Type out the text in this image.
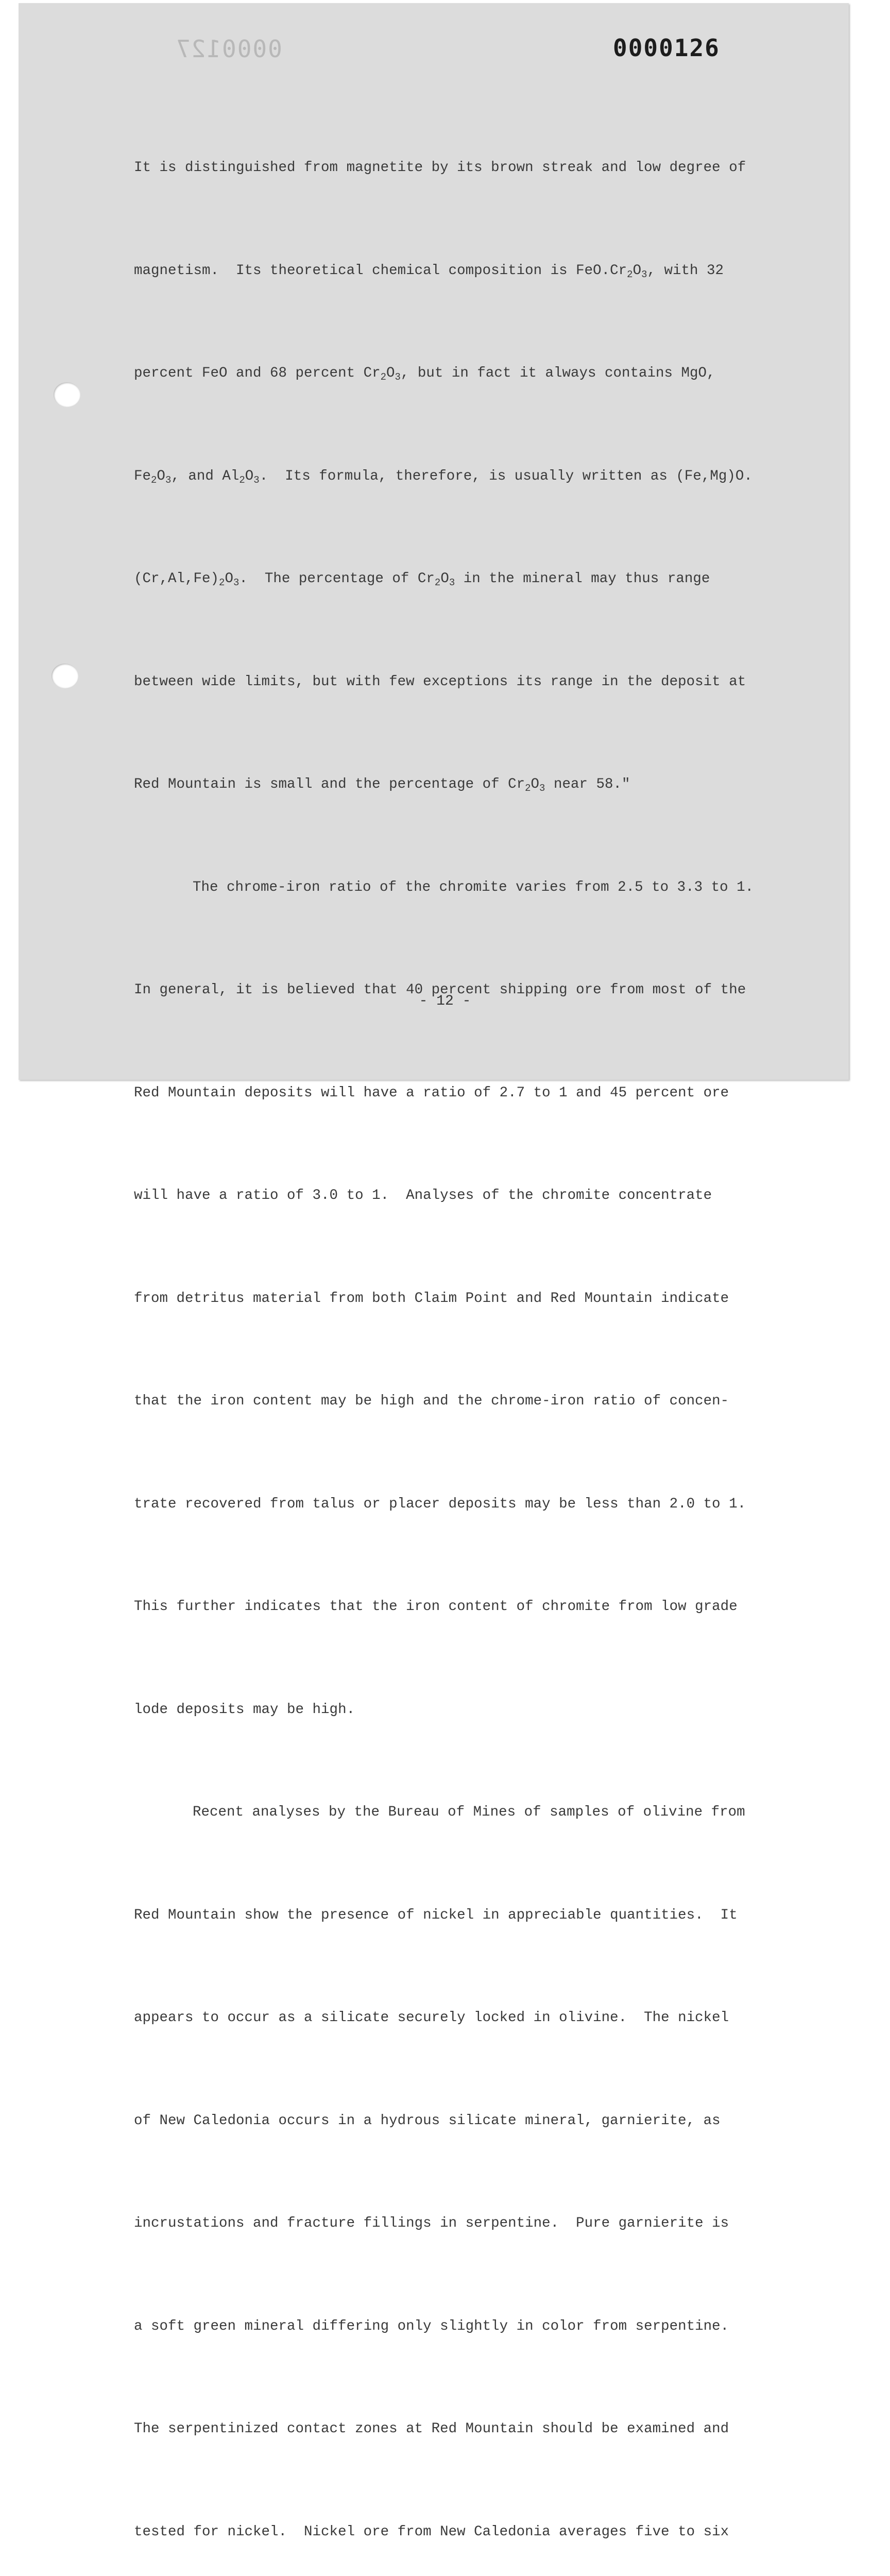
0000127	0000126

It is distinguished from magnetite by its brown streak and low degree of

magnetism.  Its theoretical chemical composition is $FeO.Cr_2O_3$, with 32

percent FeO and 68 percent $Cr_2O_3$, but in fact it always contains MgO,

$Fe_2O_3$, and $Al_2O_3$.  Its formula, therefore, is usually written as (Fe,Mg)O.

$(Cr,Al,Fe)_2O_3$.  The percentage of $Cr_2O_3$ in the mineral may thus range

between wide limits, but with few exceptions its range in the deposit at

Red Mountain is small and the percentage of $Cr_2O_3$ near 58."

The chrome-iron ratio of the chromite varies from 2.5 to 3.3 to 1.

In general, it is believed that 40 percent shipping ore from most of the

Red Mountain deposits will have a ratio of 2.7 to 1 and 45 percent ore

will have a ratio of 3.0 to 1.  Analyses of the chromite concentrate

from detritus material from both Claim Point and Red Mountain indicate

that the iron content may be high and the chrome-iron ratio of concen-

trate recovered from talus or placer deposits may be less than 2.0 to 1.

This further indicates that the iron content of chromite from low grade

lode deposits may be high.

Recent analyses by the Bureau of Mines of samples of olivine from

Red Mountain show the presence of nickel in appreciable quantities.  It

appears to occur as a silicate securely locked in olivine.  The nickel

of New Caledonia occurs in a hydrous silicate mineral, garnierite, as

incrustations and fracture fillings in serpentine.  Pure garnierite is

a soft green mineral differing only slightly in color from serpentine.

The serpentinized contact zones at Red Mountain should be examined and

tested for nickel.  Nickel ore from New Caledonia averages five to six

- 12 -
